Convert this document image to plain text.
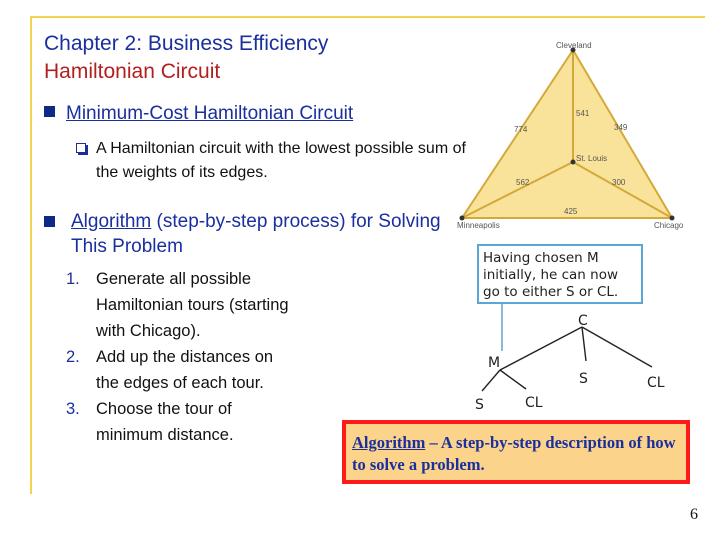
Chapter 2: Business Efficiency
Hamiltonian Circuit
Minimum-Cost Hamiltonian Circuit
A Hamiltonian circuit with the lowest possible sum of the weights of its edges.
Algorithm (step-by-step process) for Solving This Problem
1. Generate all possible Hamiltonian tours (starting with Chicago).
2. Add up the distances on the edges of each tour.
3. Choose the tour of minimum distance.
Cleveland
St. Louis
Minneapolis	Chicago
774
541
349
562	300
425
Having chosen M
initially, he can now
go to either S or CL.
C
M
S	CL
S	CL
Algorithm – A step-by-step description of how to solve a problem.
6
